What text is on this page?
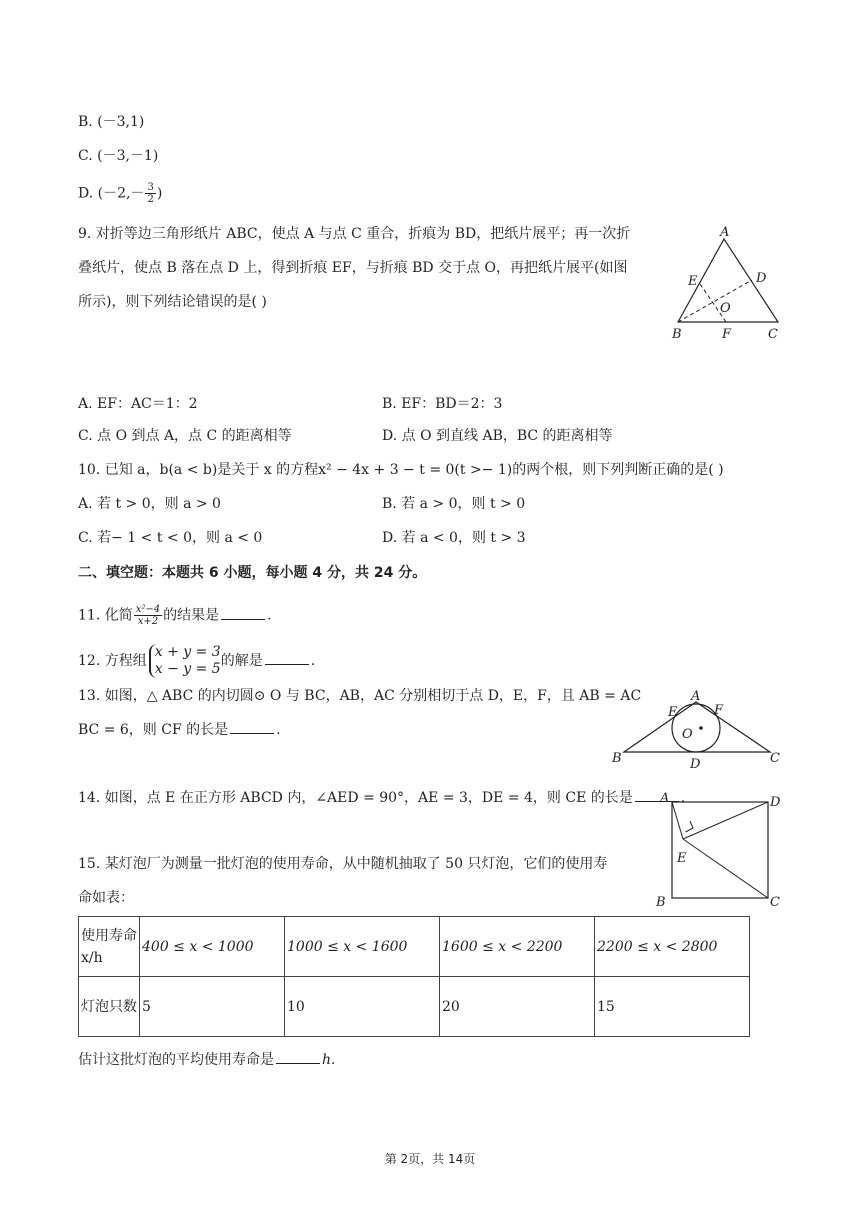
B. (－3,1)
C. (－3,－1)
D. ($-2,- \frac{3}{2}$ )
9. 对折等边三角形纸片 ABC，使点 A 与点 C 重合，折痕为 BD，把纸片展平；再一次折
叠纸片，使点 B 落在点 D 上，得到折痕 EF，与折痕 BD 交于点 O，再把纸片展平(如图
所示)，则下列结论错误的是( )
A
B	C
D
E
F
O
A. EF：AC＝1：2	B. EF：BD＝2：3
C. 点 O 到点 A，点 C 的距离相等	D. 点 O 到直线 AB，BC 的距离相等
10. 已知 a，b(a < b)是关于 x 的方程x² − 4x + 3 − t = 0(t >− 1)的两个根，则下列判断正确的是( )
A. 若 t > 0，则 a > 0	B. 若 a > 0，则 t > 0
C. 若− 1 < t < 0，则 a < 0	D. 若 a < 0，则 t > 3
二、填空题：本题共 6 小题，每小题 4 分，共 24 分。
11. 化简 $\frac{\text{x²−4}}{x+2}$ 的结果是	.
12. 方程组
x + y = 3
x − y = 5 的解是	.
13. 如图，△ ABC 的内切圆⊙ O 与 BC，AB，AC 分别相切于点 D，E，F，且 AB = AC
BC = 6，则 CF 的长是	.
A
B	C
D
E	F
O
14. 如图，点 E 在正方形 ABCD 内，∠AED = 90°，AE = 3，DE = 4，则 CE 的长是	.
A
B	C
D
E
15. 某灯泡厂为测量一批灯泡的使用寿命，从中随机抽取了 50 只灯泡，它们的使用寿
命如表：
使用寿命 x/h	400 ≤ x < 1000	1000 ≤ x < 1600	1600 ≤ x < 2200	2200 ≤ x < 2800
灯泡只数	5	10	20	15
估计这批灯泡的平均使用寿命是	h.
第 2页，共 14页
